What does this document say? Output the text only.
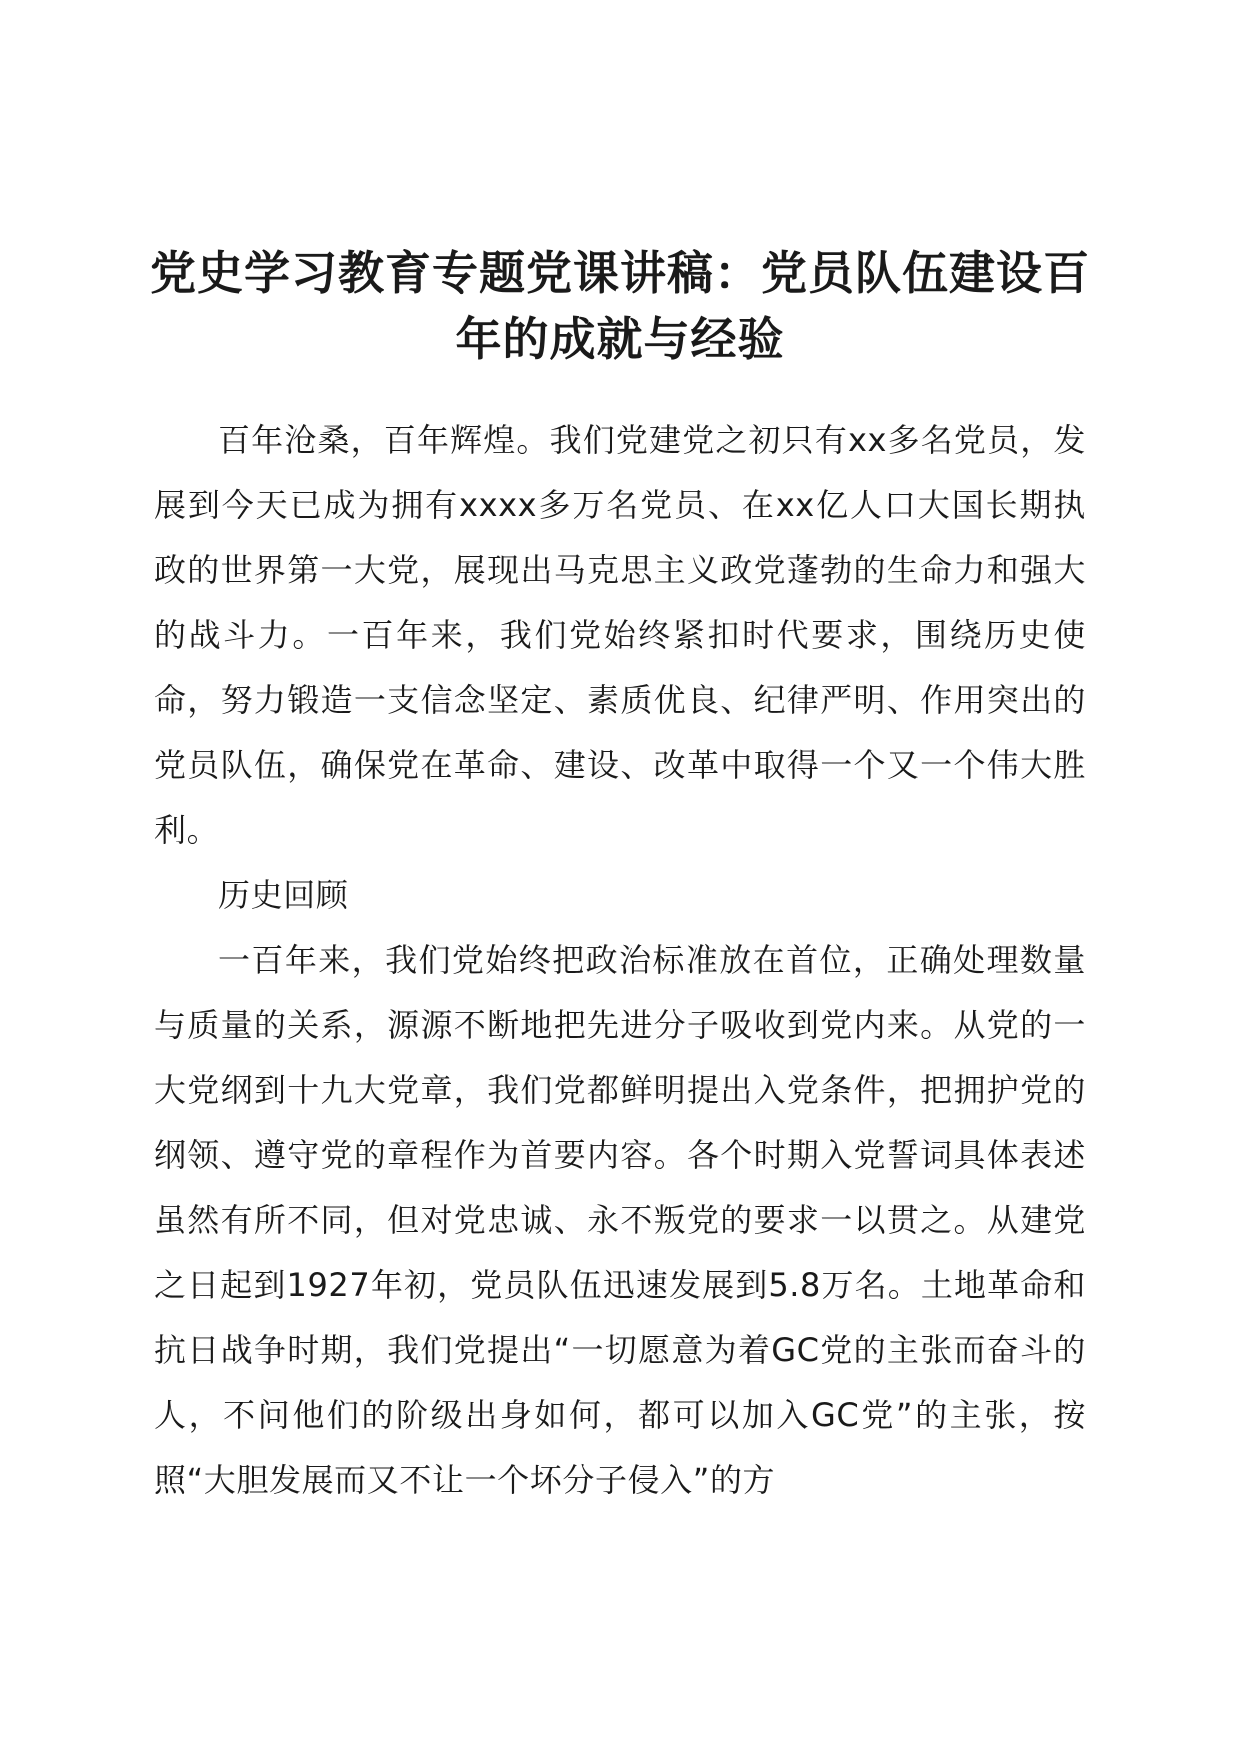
党史学习教育专题党课讲稿：党员队伍建设百年的成就与经验

百年沧桑，百年辉煌。我们党建党之初只有xx多名党员，发展到今天已成为拥有xxxx多万名党员、在xx亿人口大国长期执政的世界第一大党，展现出马克思主义政党蓬勃的生命力和强大的战斗力。一百年来，我们党始终紧扣时代要求，围绕历史使命，努力锻造一支信念坚定、素质优良、纪律严明、作用突出的党员队伍，确保党在革命、建设、改革中取得一个又一个伟大胜利。

历史回顾

一百年来，我们党始终把政治标准放在首位，正确处理数量与质量的关系，源源不断地把先进分子吸收到党内来。从党的一大党纲到十九大党章，我们党都鲜明提出入党条件，把拥护党的纲领、遵守党的章程作为首要内容。各个时期入党誓词具体表述虽然有所不同，但对党忠诚、永不叛党的要求一以贯之。从建党之日起到1927年初，党员队伍迅速发展到5.8万名。土地革命和抗日战争时期，我们党提出“一切愿意为着GC党的主张而奋斗的人，不问他们的阶级出身如何，都可以加入GC党”的主张，按照“大胆发展而又不让一个坏分子侵入”的方
